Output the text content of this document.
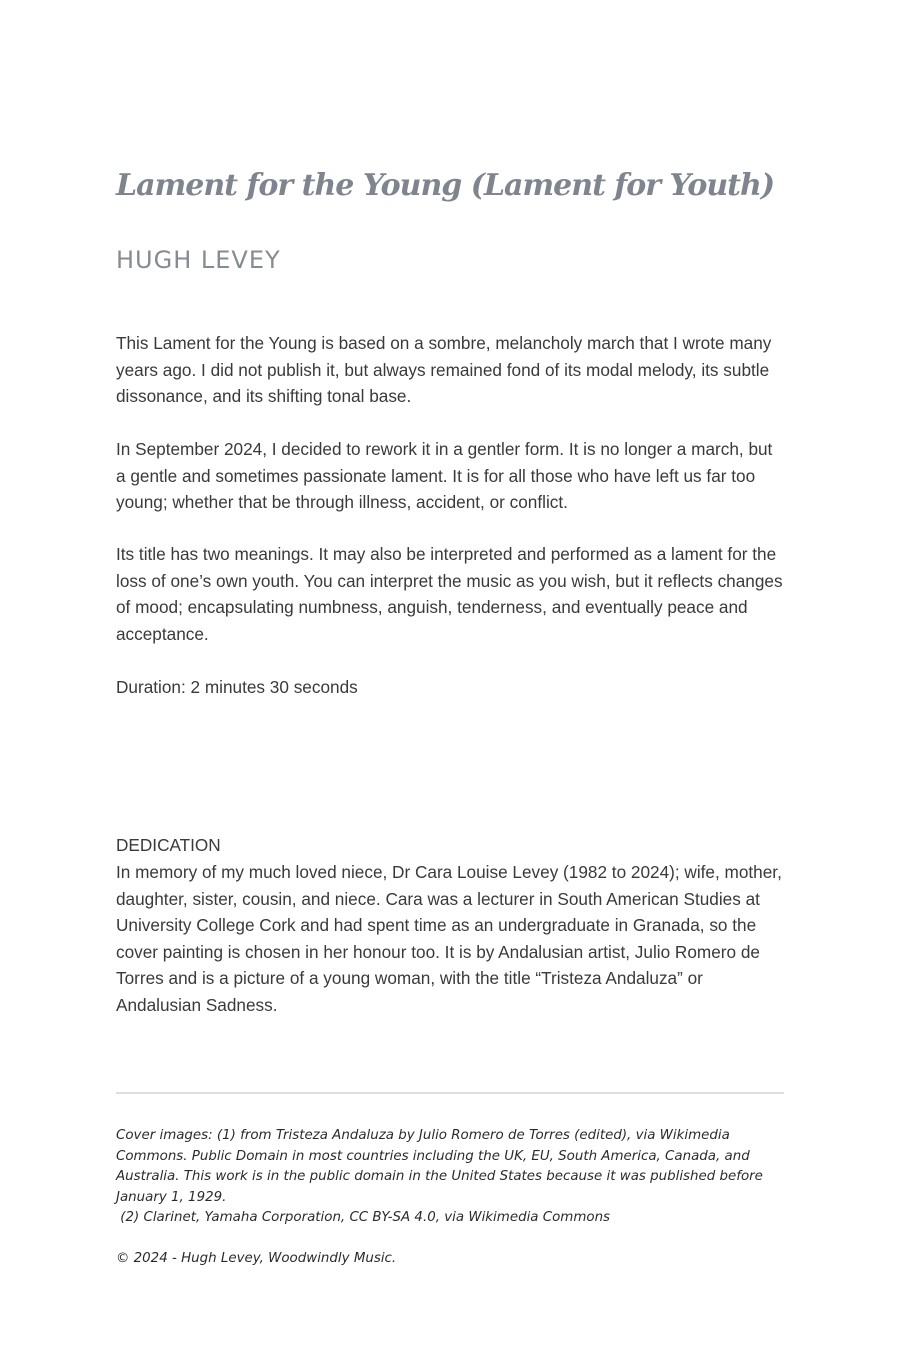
Lament for the Young (Lament for Youth)
HUGH LEVEY

This Lament for the Young is based on a sombre, melancholy march that I wrote many years ago. I did not publish it, but always remained fond of its modal melody, its subtle dissonance, and its shifting tonal base.

In September 2024, I decided to rework it in a gentler form. It is no longer a march, but a gentle and sometimes passionate lament. It is for all those who have left us far too young; whether that be through illness, accident, or conflict.

Its title has two meanings. It may also be interpreted and performed as a lament for the loss of one’s own youth. You can interpret the music as you wish, but it reflects changes of mood; encapsulating numbness, anguish, tenderness, and eventually peace and acceptance.

Duration: 2 minutes 30 seconds

DEDICATION

In memory of my much loved niece, Dr Cara Louise Levey (1982 to 2024); wife, mother, daughter, sister, cousin, and niece. Cara was a lecturer in South American Studies at University College Cork and had spent time as an undergraduate in Granada, so the cover painting is chosen in her honour too. It is by Andalusian artist, Julio Romero de Torres and is a picture of a young woman, with the title “Tristeza Andaluza” or Andalusian Sadness.

Cover images: (1) from Tristeza Andaluza by Julio Romero de Torres (edited), via Wikimedia Commons. Public Domain in most countries including the UK, EU, South America, Canada, and Australia. This work is in the public domain in the United States because it was published before January 1, 1929.
(2) Clarinet, Yamaha Corporation, CC BY-SA 4.0, via Wikimedia Commons

© 2024 - Hugh Levey, Woodwindly Music.
